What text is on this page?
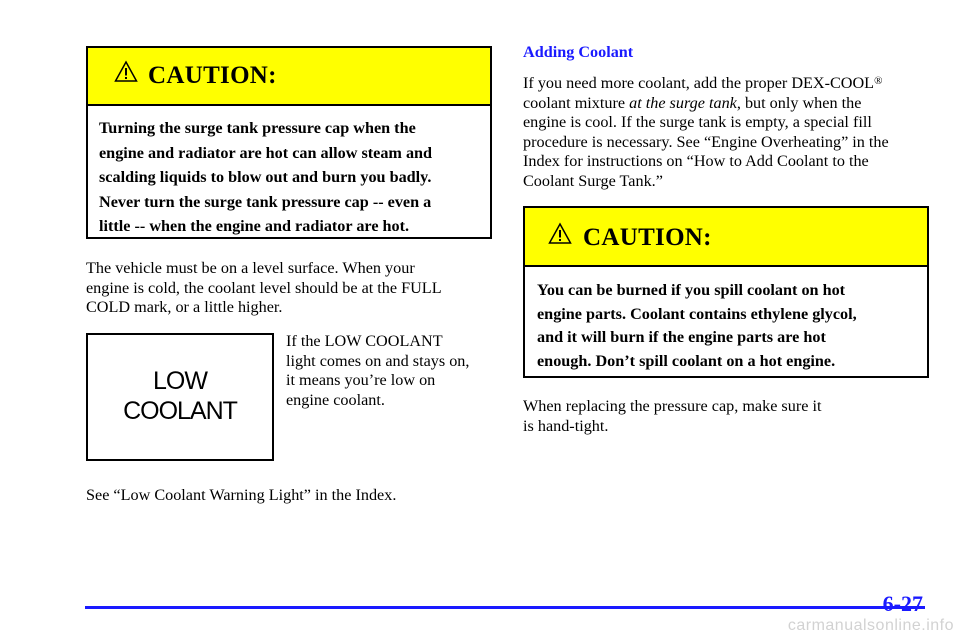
CAUTION:
Turning the surge tank pressure cap when the
engine and radiator are hot can allow steam and
scalding liquids to blow out and burn you badly.
Never turn the surge tank pressure cap -- even a
little -- when the engine and radiator are hot.
The vehicle must be on a level surface. When your
engine is cold, the coolant level should be at the FULL
COLD mark, or a little higher.
LOW
COOLANT
If the LOW COOLANT
light comes on and stays on,
it means you’re low on
engine coolant.
See “Low Coolant Warning Light” in the Index.
Adding Coolant
If you need more coolant, add the proper DEX-COOL®
coolant mixture at the surge tank, but only when the
engine is cool. If the surge tank is empty, a special fill
procedure is necessary. See “Engine Overheating” in the
Index for instructions on “How to Add Coolant to the
Coolant Surge Tank.”
CAUTION:
You can be burned if you spill coolant on hot
engine parts. Coolant contains ethylene glycol,
and it will burn if the engine parts are hot
enough. Don’t spill coolant on a hot engine.
When replacing the pressure cap, make sure it
is hand-tight.
6-27
carmanualsonline.info
